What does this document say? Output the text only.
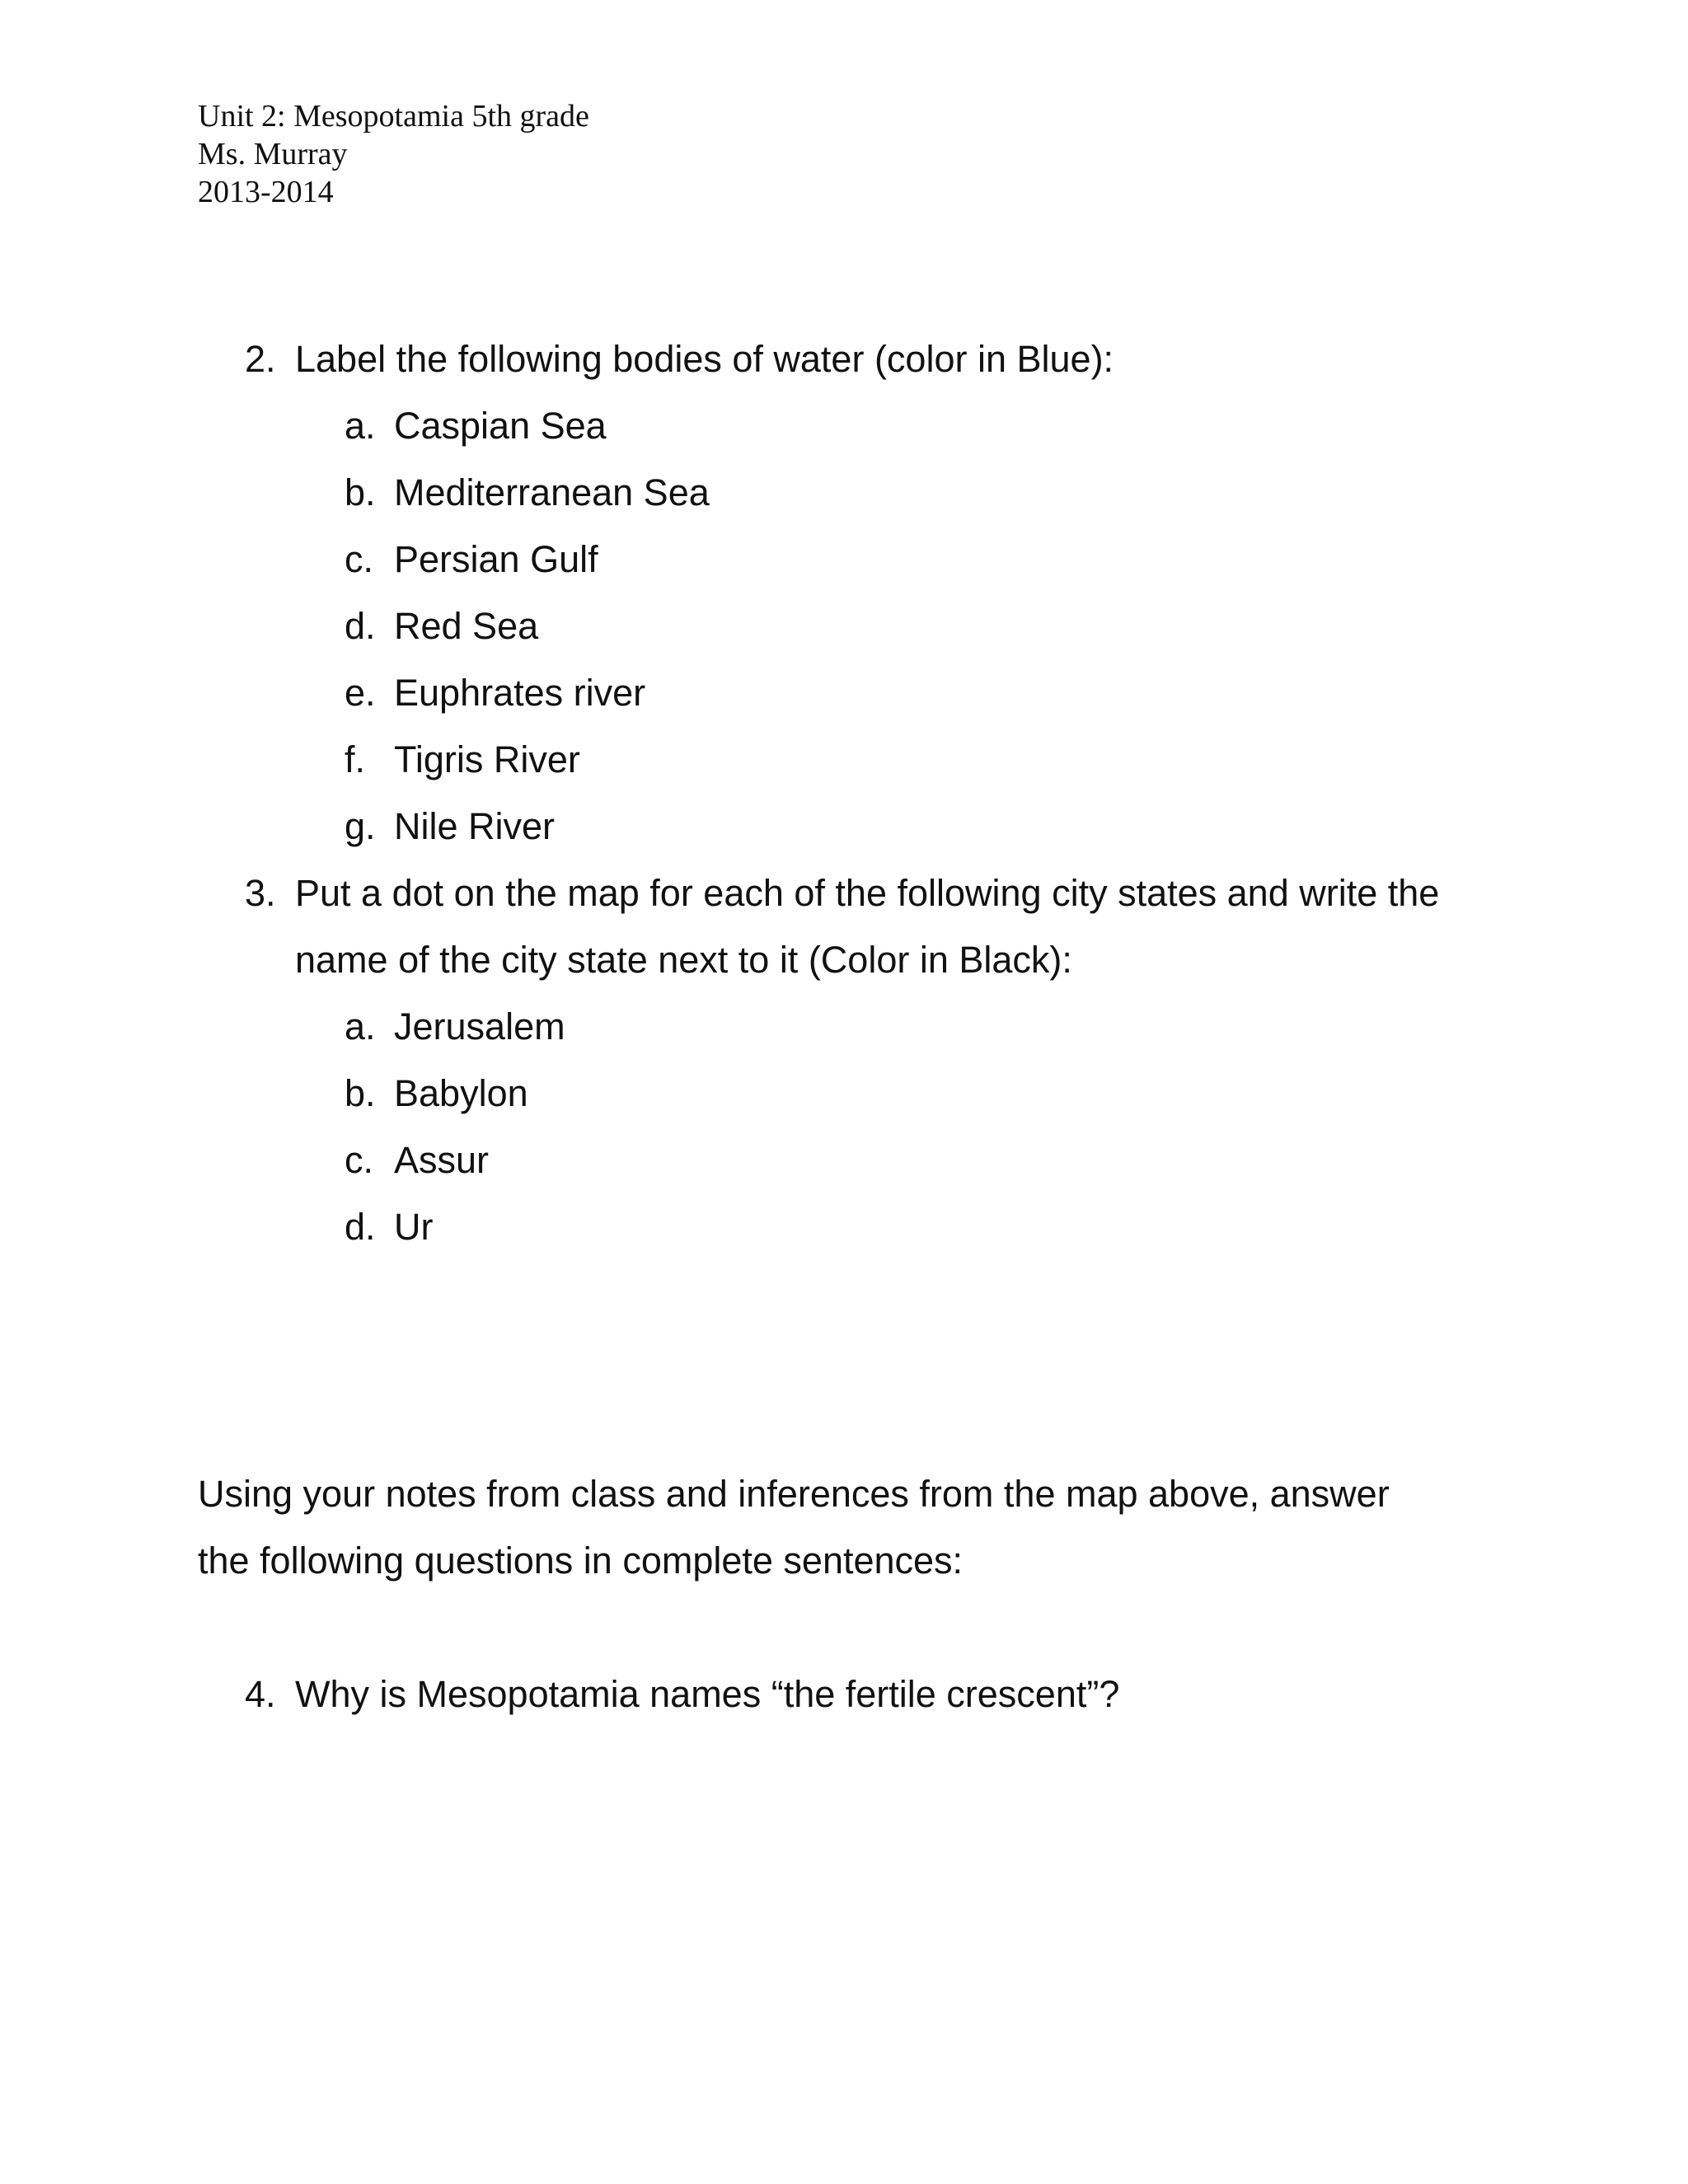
Unit 2: Mesopotamia 5th grade
Ms. Murray
2013-2014
2. Label the following bodies of water (color in Blue):
a. Caspian Sea
b. Mediterranean Sea
c. Persian Gulf
d. Red Sea
e. Euphrates river
f. Tigris River
g. Nile River
3. Put a dot on the map for each of the following city states and write the name of the city state next to it (Color in Black):
a. Jerusalem
b. Babylon
c. Assur
d. Ur
Using your notes from class and inferences from the map above, answer the following questions in complete sentences:
4. Why is Mesopotamia names “the fertile crescent”?
